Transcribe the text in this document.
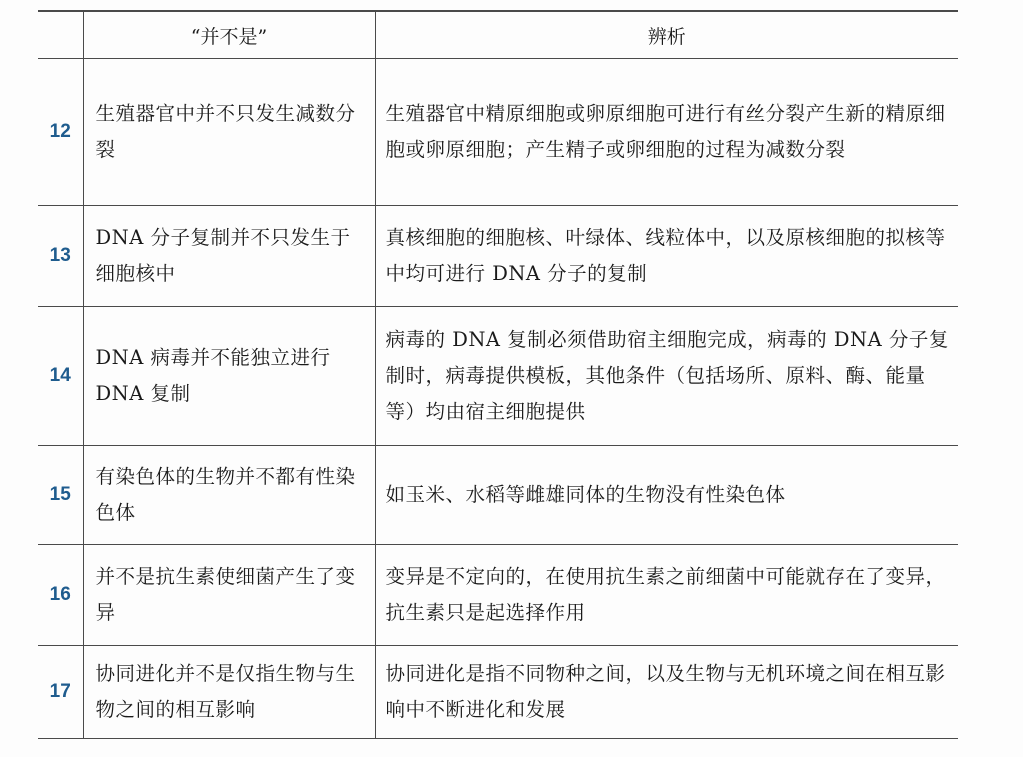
	“并不是”	辨析
12	生殖器官中并不只发生减数分裂	生殖器官中精原细胞或卵原细胞可进行有丝分裂产生新的精原细胞或卵原细胞；产生精子或卵细胞的过程为减数分裂
13	DNA 分子复制并不只发生于细胞核中	真核细胞的细胞核、叶绿体、线粒体中，以及原核细胞的拟核等中均可进行 DNA 分子的复制
14	DNA 病毒并不能独立进行 DNA 复制	病毒的 DNA 复制必须借助宿主细胞完成，病毒的 DNA 分子复制时，病毒提供模板，其他条件（包括场所、原料、酶、能量等）均由宿主细胞提供
15	有染色体的生物并不都有性染色体	如玉米、水稻等雌雄同体的生物没有性染色体
16	并不是抗生素使细菌产生了变异	变异是不定向的，在使用抗生素之前细菌中可能就存在了变异，抗生素只是起选择作用
17	协同进化并不是仅指生物与生物之间的相互影响	协同进化是指不同物种之间，以及生物与无机环境之间在相互影响中不断进化和发展
